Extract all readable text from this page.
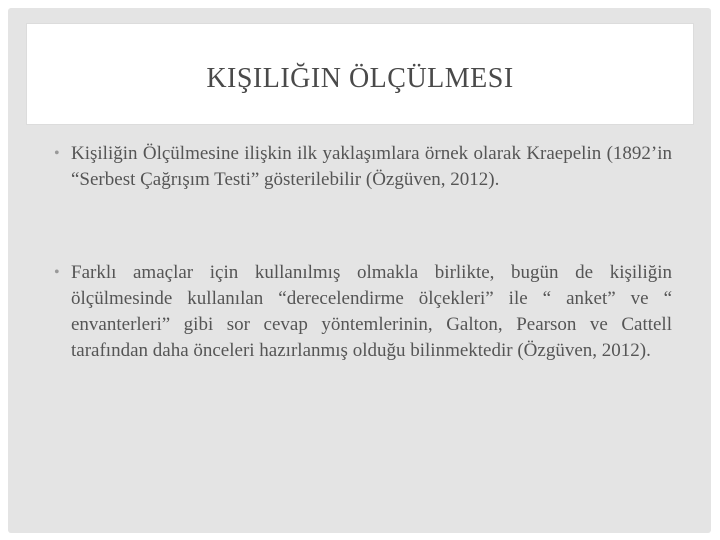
KIŞILIĞIN ÖLÇÜLMESI
• Kişiliğin Ölçülmesine ilişkin ilk yaklaşımlara örnek olarak Kraepelin (1892’in “Serbest Çağrışım Testi” gösterilebilir (Özgüven, 2012).
• Farklı amaçlar için kullanılmış olmakla birlikte, bugün de kişiliğin ölçülmesinde kullanılan “derecelendirme ölçekleri” ile “ anket” ve “ envanterleri” gibi sor cevap yöntemlerinin, Galton, Pearson ve Cattell tarafından daha önceleri hazırlanmış olduğu bilinmektedir (Özgüven, 2012).
